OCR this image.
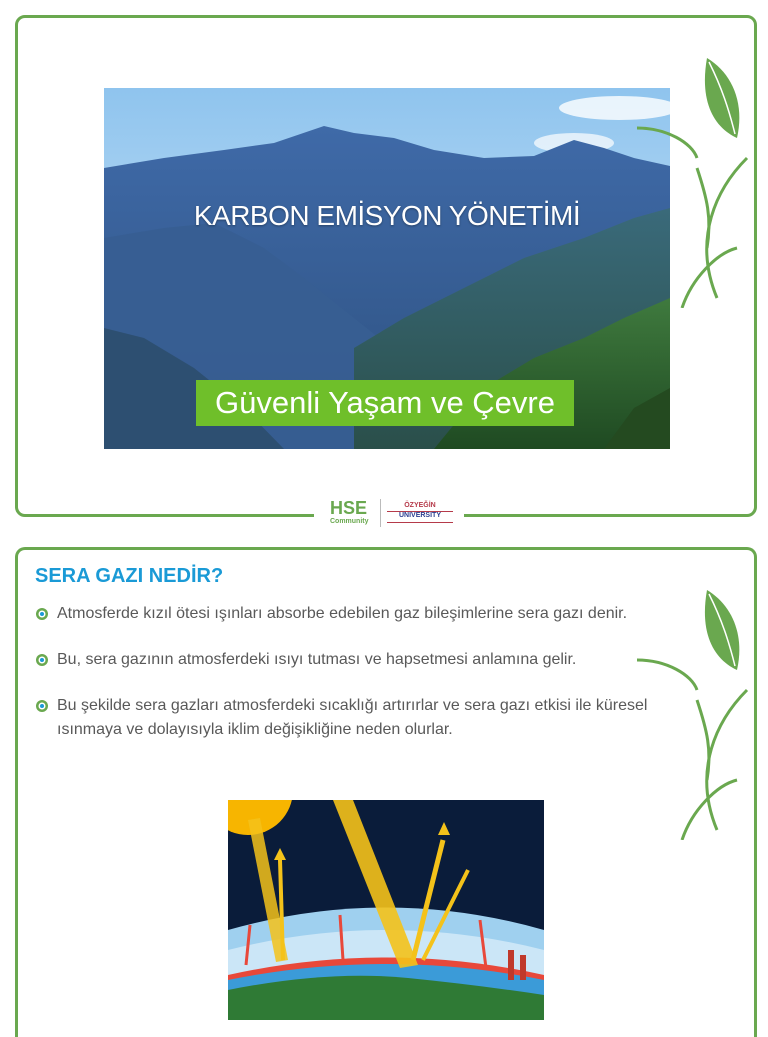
KARBON EMİSYON YÖNETİMİ
Güvenli Yaşam ve Çevre
HSE
Community
ÖZYEĞİN
UNIVERSITY
SERA GAZI NEDİR?
Atmosferde kızıl ötesi ışınları absorbe edebilen gaz bileşimlerine sera gazı denir.
Bu, sera gazının atmosferdeki ısıyı tutması ve hapsetmesi anlamına gelir.
Bu şekilde sera gazları atmosferdeki sıcaklığı artırırlar ve sera gazı etkisi ile küresel ısınmaya ve dolayısıyla iklim değişikliğine neden olurlar.
